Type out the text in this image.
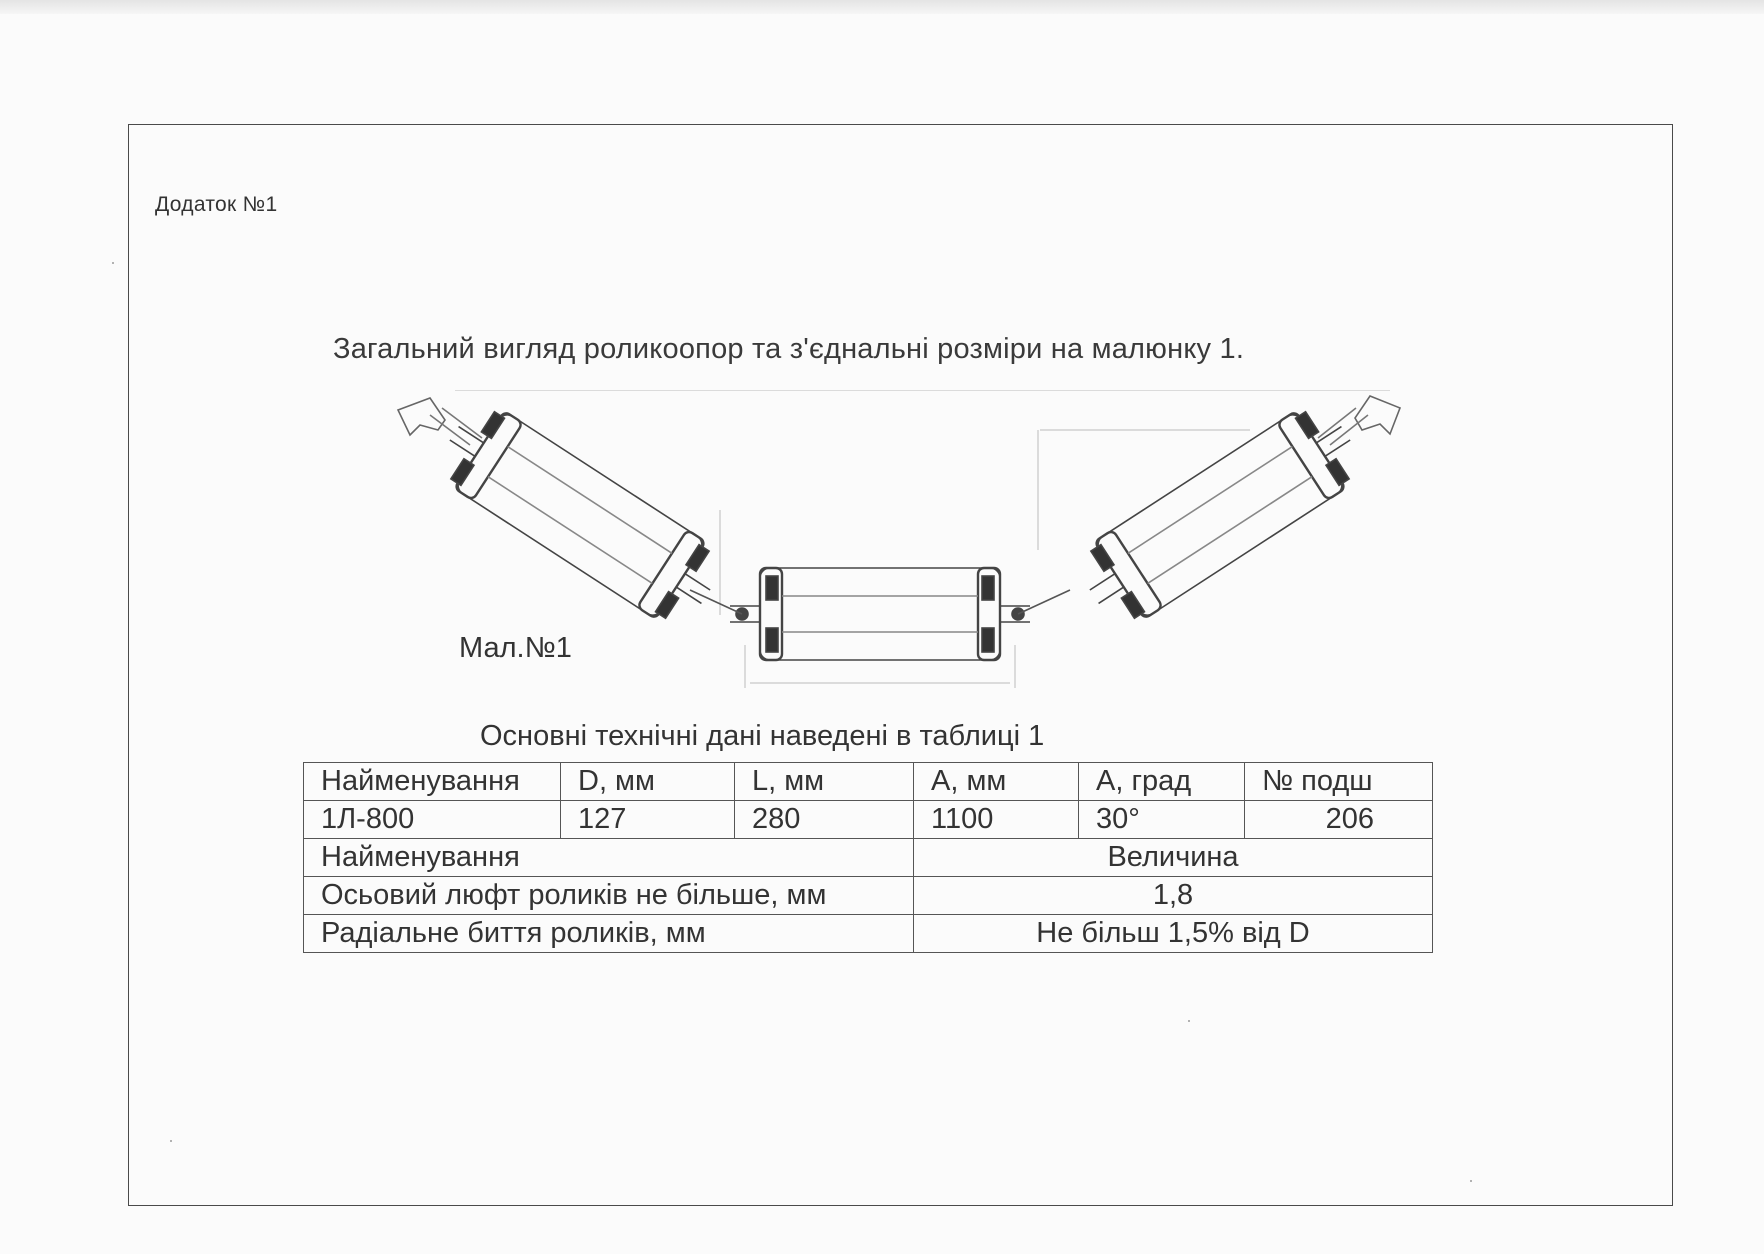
Додаток №1
Загальний вигляд роликоопор та з'єднальні розміри на малюнку 1.
Мал.№1
Основні технічні дані наведені в таблиці 1
Найменування	D, мм	L, мм	A, мм	A, град	№ подш
1Л-800	127	280	1100	30°	206
Найменування			Величина		
Осьовий люфт роликів не більше, мм			1,8		
Радіальне биття роликів, мм			Не більш 1,5% від D		
